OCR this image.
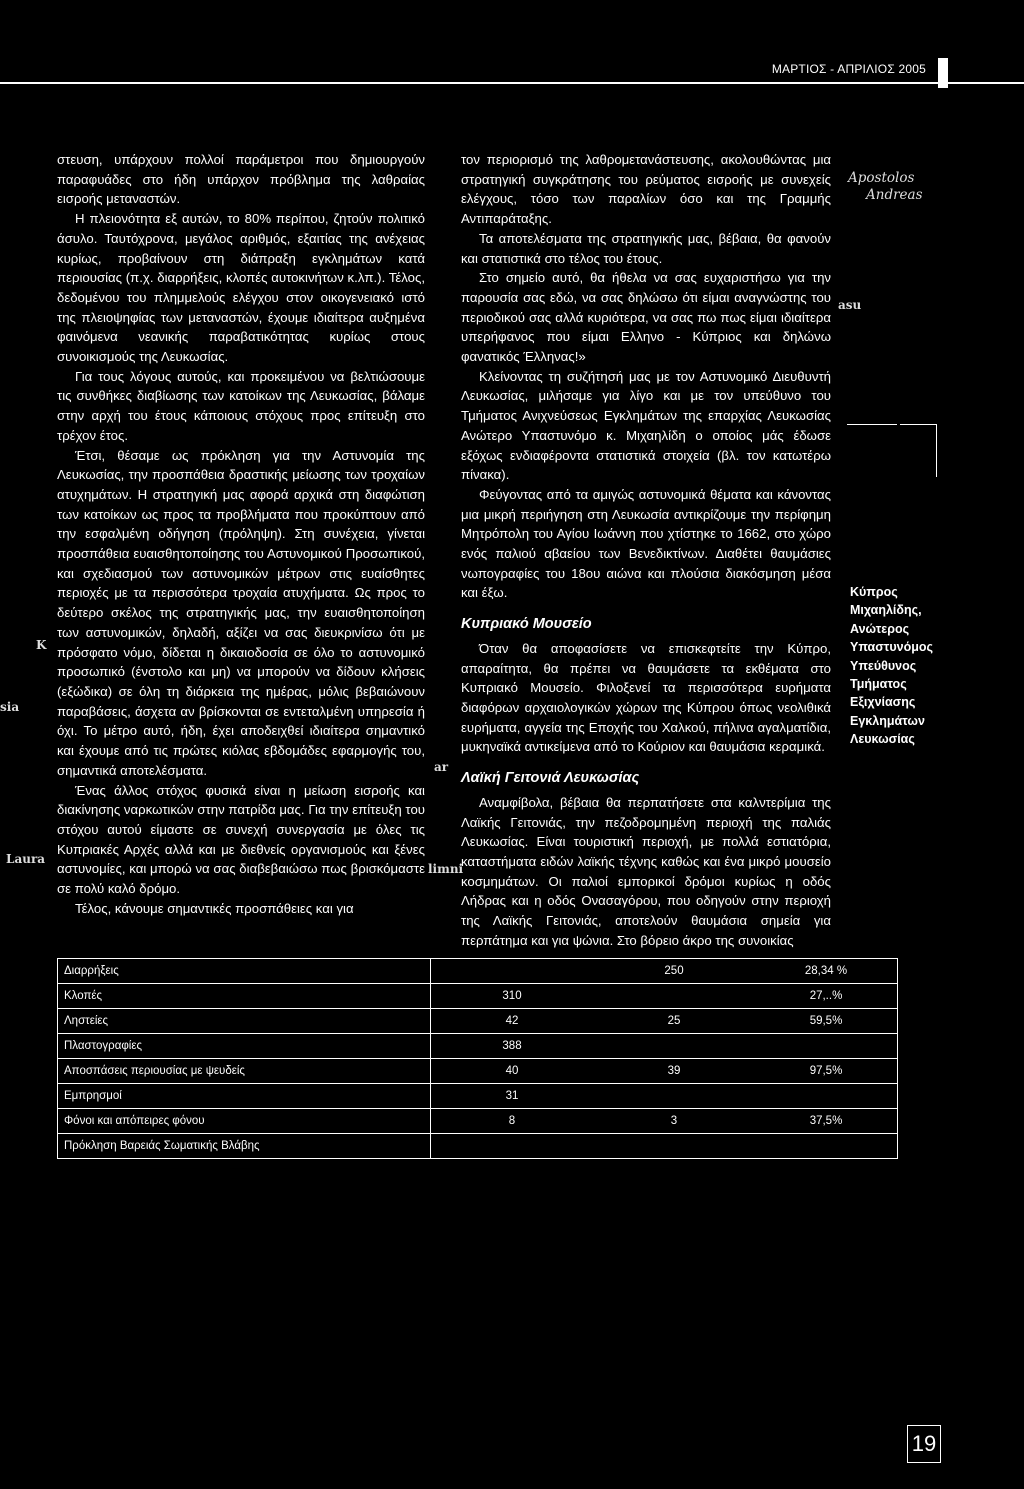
ΜΑΡΤΙΟΣ - ΑΠΡΙΛΙΟΣ 2005

στευση, υπάρχουν πολλοί παράμετροι που δημιουργούν παραφυάδες στο ήδη υπάρχον πρόβλημα της λαθραίας εισροής μεταναστών.

Η πλειονότητα εξ αυτών, το 80% περίπου, ζητούν πολιτικό άσυλο. Ταυτόχρονα, μεγάλος αριθμός, εξαιτίας της ανέχειας κυρίως, προβαίνουν στη διάπραξη εγκλημάτων κατά περιουσίας (π.χ. διαρρήξεις, κλοπές αυτοκινήτων κ.λπ.). Τέλος, δεδομένου του πλημμελούς ελέγχου στον οικογενειακό ιστό της πλειοψηφίας των μεταναστών, έχουμε ιδιαίτερα αυξημένα φαινόμενα νεανικής παραβατικότητας κυρίως στους συνοικισμούς της Λευκωσίας.

Για τους λόγους αυτούς, και προκειμένου να βελτιώσουμε τις συνθήκες διαβίωσης των κατοίκων της Λευκωσίας, βάλαμε στην αρχή του έτους κάποιους στόχους προς επίτευξη στο τρέχον έτος.

Έτσι, θέσαμε ως πρόκληση για την Αστυνομία της Λευκωσίας, την προσπάθεια δραστικής μείωσης των τροχαίων ατυχημάτων. Η στρατηγική μας αφορά αρχικά στη διαφώτιση των κατοίκων ως προς τα προβλήματα που προκύπτουν από την εσφαλμένη οδήγηση (πρόληψη). Στη συνέχεια, γίνεται προσπάθεια ευαισθητοποίησης του Αστυνομικού Προσωπικού, και σχεδιασμού των αστυνομικών μέτρων στις ευαίσθητες περιοχές με τα περισσότερα τροχαία ατυχήματα. Ως προς το δεύτερο σκέλος της στρατηγικής μας, την ευαισθητοποίηση των αστυνομικών, δηλαδή, αξίζει να σας διευκρινίσω ότι με πρόσφατο νόμο, δίδεται η δικαιοδοσία σε όλο το αστυνομικό προσωπικό (ένστολο και μη) να μπορούν να δίδουν κλήσεις (εξώδικα) σε όλη τη διάρκεια της ημέρας, μόλις βεβαιώνουν παραβάσεις, άσχετα αν βρίσκονται σε εντεταλμένη υπηρεσία ή όχι. Το μέτρο αυτό, ήδη, έχει αποδειχθεί ιδιαίτερα σημαντικό και έχουμε από τις πρώτες κιόλας εβδομάδες εφαρμογής του, σημαντικά αποτελέσματα.

Ένας άλλος στόχος φυσικά είναι η μείωση εισροής και διακίνησης ναρκωτικών στην πατρίδα μας. Για την επίτευξη του στόχου αυτού είμαστε σε συνεχή συνεργασία με όλες τις Κυπριακές Αρχές αλλά και με διεθνείς οργανισμούς και ξένες αστυνομίες, και μπορώ να σας διαβεβαιώσω πως βρισκόμαστε σε πολύ καλό δρόμο.

Τέλος, κάνουμε σημαντικές προσπάθειες και για

τον περιορισμό της λαθρομετανάστευσης, ακολουθώντας μια στρατηγική συγκράτησης του ρεύματος εισροής με συνεχείς ελέγχους, τόσο των παραλίων όσο και της Γραμμής Αντιπαράταξης.

Τα αποτελέσματα της στρατηγικής μας, βέβαια, θα φανούν και στατιστικά στο τέλος του έτους.

Στο σημείο αυτό, θα ήθελα να σας ευχαριστήσω για την παρουσία σας εδώ, να σας δηλώσω ότι είμαι αναγνώστης του περιοδικού σας αλλά κυριότερα, να σας πω πως είμαι ιδιαίτερα υπερήφανος που είμαι Ελληνο - Κύπριος και δηλώνω φανατικός Έλληνας!»

Κλείνοντας τη συζήτησή μας με τον Αστυνομικό Διευθυντή Λευκωσίας, μιλήσαμε για λίγο και με τον υπεύθυνο του Τμήματος Ανιχνεύσεως Εγκλημάτων της επαρχίας Λευκωσίας Ανώτερο Υπαστυνόμο κ. Μιχαηλίδη ο οποίος μάς έδωσε εξόχως ενδιαφέροντα στατιστικά στοιχεία (βλ. τον κατωτέρω πίνακα).

Φεύγοντας από τα αμιγώς αστυνομικά θέματα και κάνοντας μια μικρή περιήγηση στη Λευκωσία αντικρίζουμε την περίφημη Μητρόπολη του Αγίου Ιωάννη που χτίστηκε το 1662, στο χώρο ενός παλιού αβαείου των Βενεδικτίνων. Διαθέτει θαυμάσιες νωπογραφίες του 18ου αιώνα και πλούσια διακόσμηση μέσα και έξω.

Κυπριακό Μουσείο

Όταν θα αποφασίσετε να επισκεφτείτε την Κύπρο, απαραίτητα, θα πρέπει να θαυμάσετε τα εκθέματα στο Κυπριακό Μουσείο. Φιλοξενεί τα περισσότερα ευρήματα διαφόρων αρχαιολογικών χώρων της Κύπρου όπως νεολιθικά ευρήματα, αγγεία της Εποχής του Χαλκού, πήλινα αγαλματίδια, μυκηναϊκά αντικείμενα από το Κούριον και θαυμάσια κεραμικά.

Λαϊκή Γειτονιά Λευκωσίας

Αναμφίβολα, βέβαια θα περπατήσετε στα καλντερίμια της Λαϊκής Γειτονιάς, την πεζοδρομημένη περιοχή της παλιάς Λευκωσίας. Είναι τουριστική περιοχή, με πολλά εστιατόρια, καταστήματα ειδών λαϊκής τέχνης καθώς και ένα μικρό μουσείο κοσμημάτων. Οι παλιοί εμπορικοί δρόμοι κυρίως η οδός Λήδρας και η οδός Ονασαγόρου, που οδηγούν στην περιοχή της Λαϊκής Γειτονιάς, αποτελούν θαυμάσια σημεία για περπάτημα και για ψώνια. Στο βόρειο άκρο της συνοικίας

Apostolos
Andreas
asu
sia
Laura
limni
K
ar
Κύπρος Μιχαηλίδης, Ανώτερος Υπαστυνόμος Υπεύθυνος Τμήματος Εξιχνίασης Εγκλημάτων Λευκωσίας
Διαρρήξεις		250	28,34 %
Κλοπές	310		27,..%
Ληστείες	42	25	59,5%
Πλαστογραφίες	388		
Αποσπάσεις περιουσίας με ψευδείς	40	39	97,5%
Εμπρησμοί	31		
Φόνοι και απόπειρες φόνου	8	3	37,5%
Πρόκληση Βαρειάς Σωματικής Βλάβης			
19
